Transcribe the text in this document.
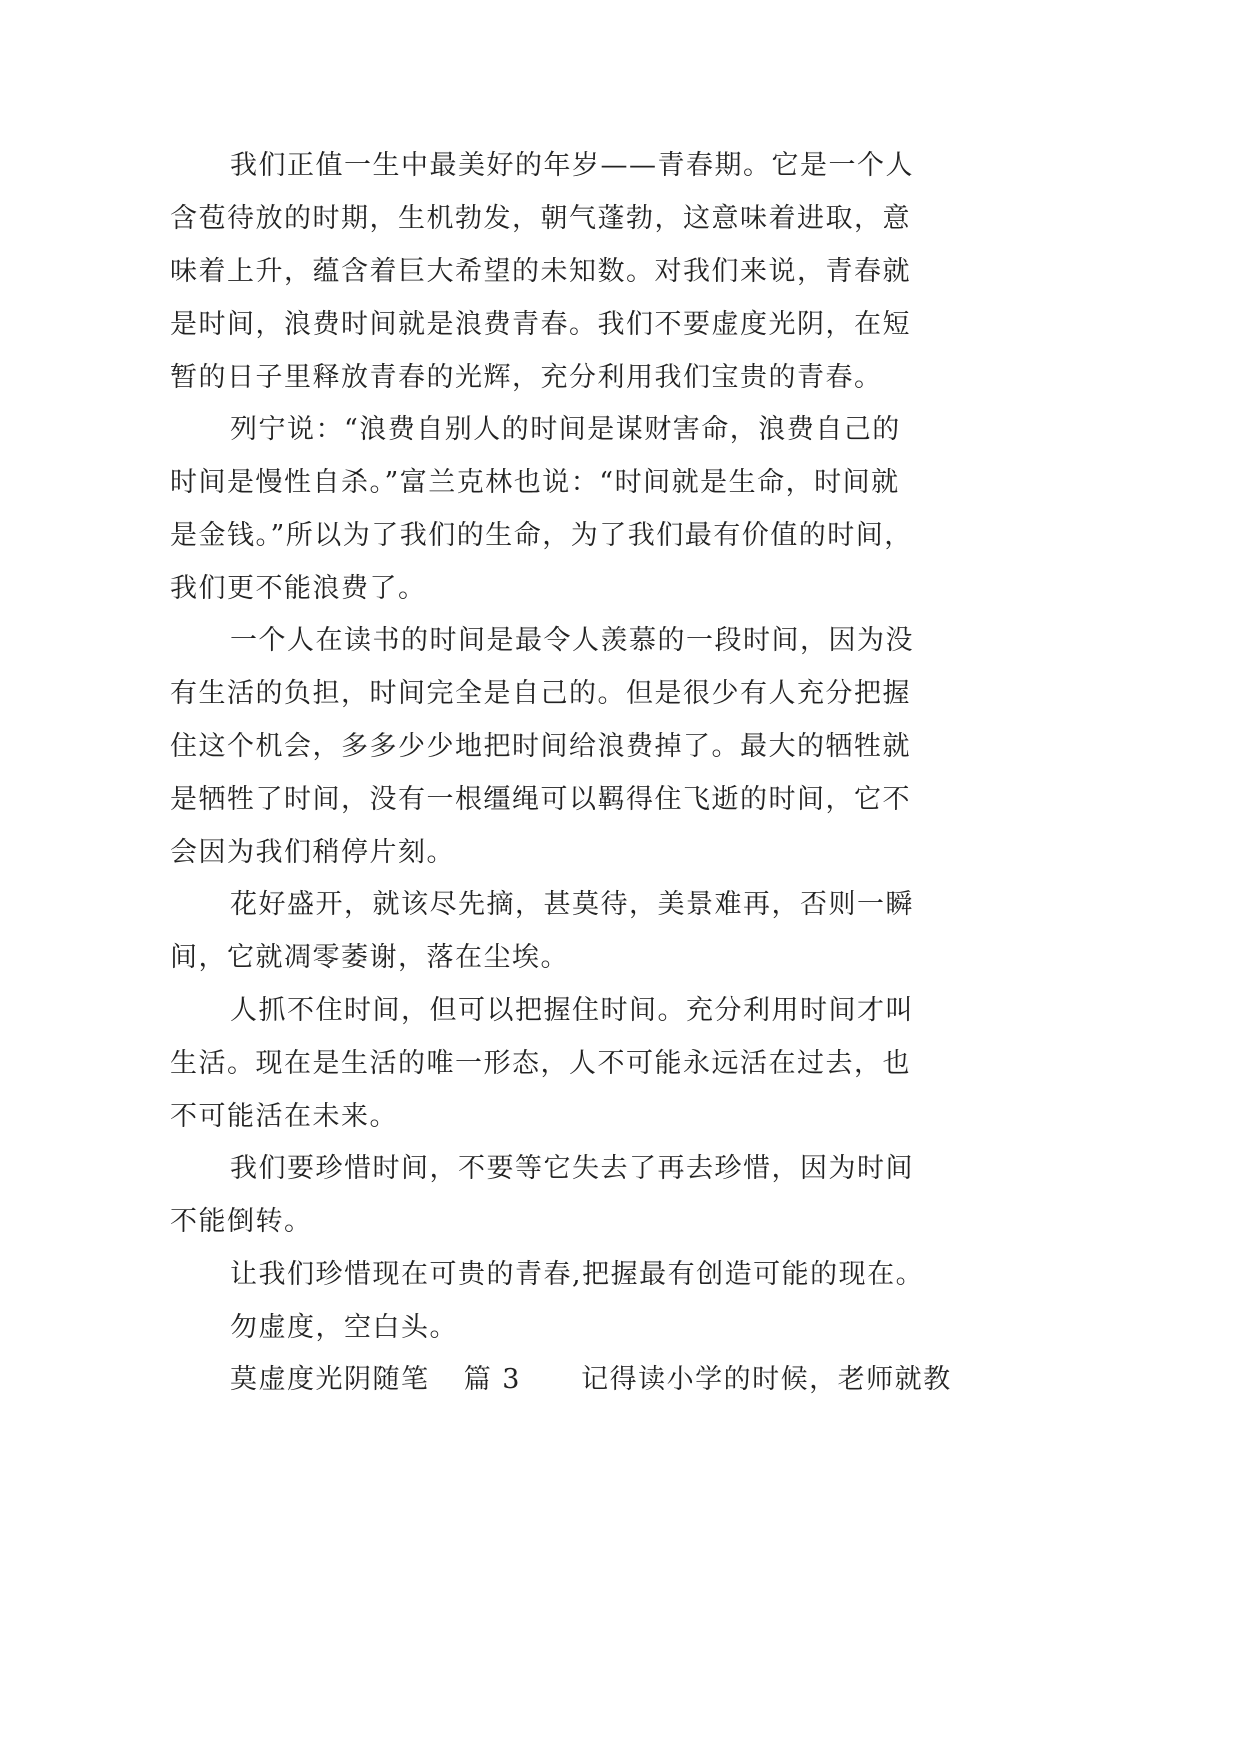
我们正值一生中最美好的年岁——青春期。它是一个人
含苞待放的时期，生机勃发，朝气蓬勃，这意味着进取，意
味着上升，蕴含着巨大希望的未知数。对我们来说，青春就
是时间，浪费时间就是浪费青春。我们不要虚度光阴，在短
暂的日子里释放青春的光辉，充分利用我们宝贵的青春。
列宁说：“浪费自别人的时间是谋财害命，浪费自己的
时间是慢性自杀。”富兰克林也说：“时间就是生命，时间就
是金钱。”所以为了我们的生命，为了我们最有价值的时间，
我们更不能浪费了。
一个人在读书的时间是最令人羡慕的一段时间，因为没
有生活的负担，时间完全是自己的。但是很少有人充分把握
住这个机会，多多少少地把时间给浪费掉了。最大的牺牲就
是牺牲了时间，没有一根缰绳可以羁得住飞逝的时间，它不
会因为我们稍停片刻。
花好盛开，就该尽先摘，甚莫待，美景难再，否则一瞬
间，它就凋零萎谢，落在尘埃。
人抓不住时间，但可以把握住时间。充分利用时间才叫
生活。现在是生活的唯一形态，人不可能永远活在过去，也
不可能活在未来。
我们要珍惜时间，不要等它失去了再去珍惜，因为时间
不能倒转。
让我们珍惜现在可贵的青春,把握最有创造可能的现在。
勿虚度，空白头。
莫虚度光阴随笔 篇 3 记得读小学的时候，老师就教
